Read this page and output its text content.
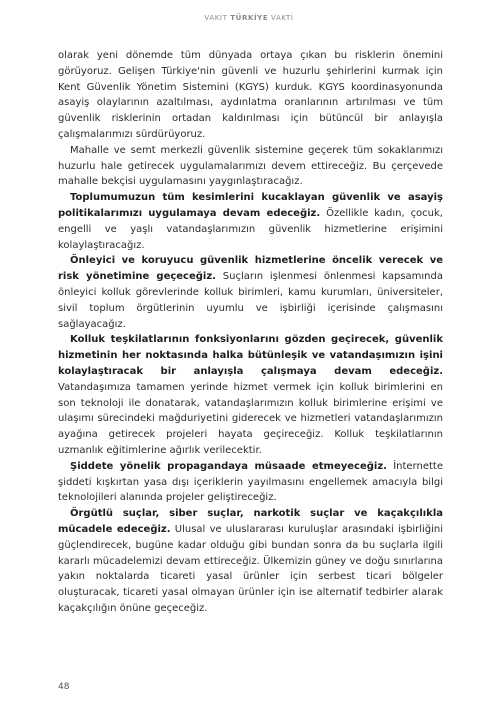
VAKİT TÜRKİYE VAKTİ

olarak yeni dönemde tüm dünyada ortaya çıkan bu risklerin önemini görüyoruz. Gelişen Türkiye'nin güvenli ve huzurlu şehirlerini kurmak için Kent Güvenlik Yönetim Sistemini (KGYS) kurduk. KGYS koordinasyonunda asayiş olaylarının azaltılması, aydınlatma oranlarının artırılması ve tüm güvenlik risklerinin ortadan kaldırılması için bütüncül bir anlayışla çalışmalarımızı sürdürüyoruz.

Mahalle ve semt merkezli güvenlik sistemine geçerek tüm sokaklarımızı huzurlu hale getirecek uygulamalarımızı devem ettireceğiz. Bu çerçevede mahalle bekçisi uygulamasını yaygınlaştıracağız.

Toplumumuzun tüm kesimlerini kucaklayan güvenlik ve asayiş politikalarımızı uygulamaya devam edeceğiz. Özellikle kadın, çocuk, engelli ve yaşlı vatandaşlarımızın güvenlik hizmetlerine erişimini kolaylaştıracağız.

Önleyici ve koruyucu güvenlik hizmetlerine öncelik verecek ve risk yönetimine geçeceğiz. Suçların işlenmesi önlenmesi kapsamında önleyici kolluk görevlerinde kolluk birimleri, kamu kurumları, üniversiteler, sivil toplum örgütlerinin uyumlu ve işbirliği içerisinde çalışmasını sağlayacağız.

Kolluk teşkilatlarının fonksiyonlarını gözden geçirecek, güvenlik hizmetinin her noktasında halka bütünleşik ve vatandaşımızın işini kolaylaştıracak bir anlayışla çalışmaya devam edeceğiz. Vatandaşımıza tamamen yerinde hizmet vermek için kolluk birimlerini en son teknoloji ile donatarak, vatandaşlarımızın kolluk birimlerine erişimi ve ulaşımı sürecindeki mağduriyetini giderecek ve hizmetleri vatandaşlarımızın ayağına getirecek projeleri hayata geçireceğiz. Kolluk teşkilatlarının uzmanlık eğitimlerine ağırlık verilecektir.

Şiddete yönelik propagandaya müsaade etmeyeceğiz. İnternette şiddeti kışkırtan yasa dışı içeriklerin yayılmasını engellemek amacıyla bilgi teknolojileri alanında projeler geliştireceğiz.

Örgütlü suçlar, siber suçlar, narkotik suçlar ve kaçakçılıkla mücadele edeceğiz. Ulusal ve uluslararası kuruluşlar arasındaki işbirliğini güçlendirecek, bugüne kadar olduğu gibi bundan sonra da bu suçlarla ilgili kararlı mücadelemizi devam ettireceğiz. Ülkemizin güney ve doğu sınırlarına yakın noktalarda ticareti yasal ürünler için serbest ticari bölgeler oluşturacak, ticareti yasal olmayan ürünler için ise alternatif tedbirler alarak kaçakçılığın önüne geçeceğiz.

48
